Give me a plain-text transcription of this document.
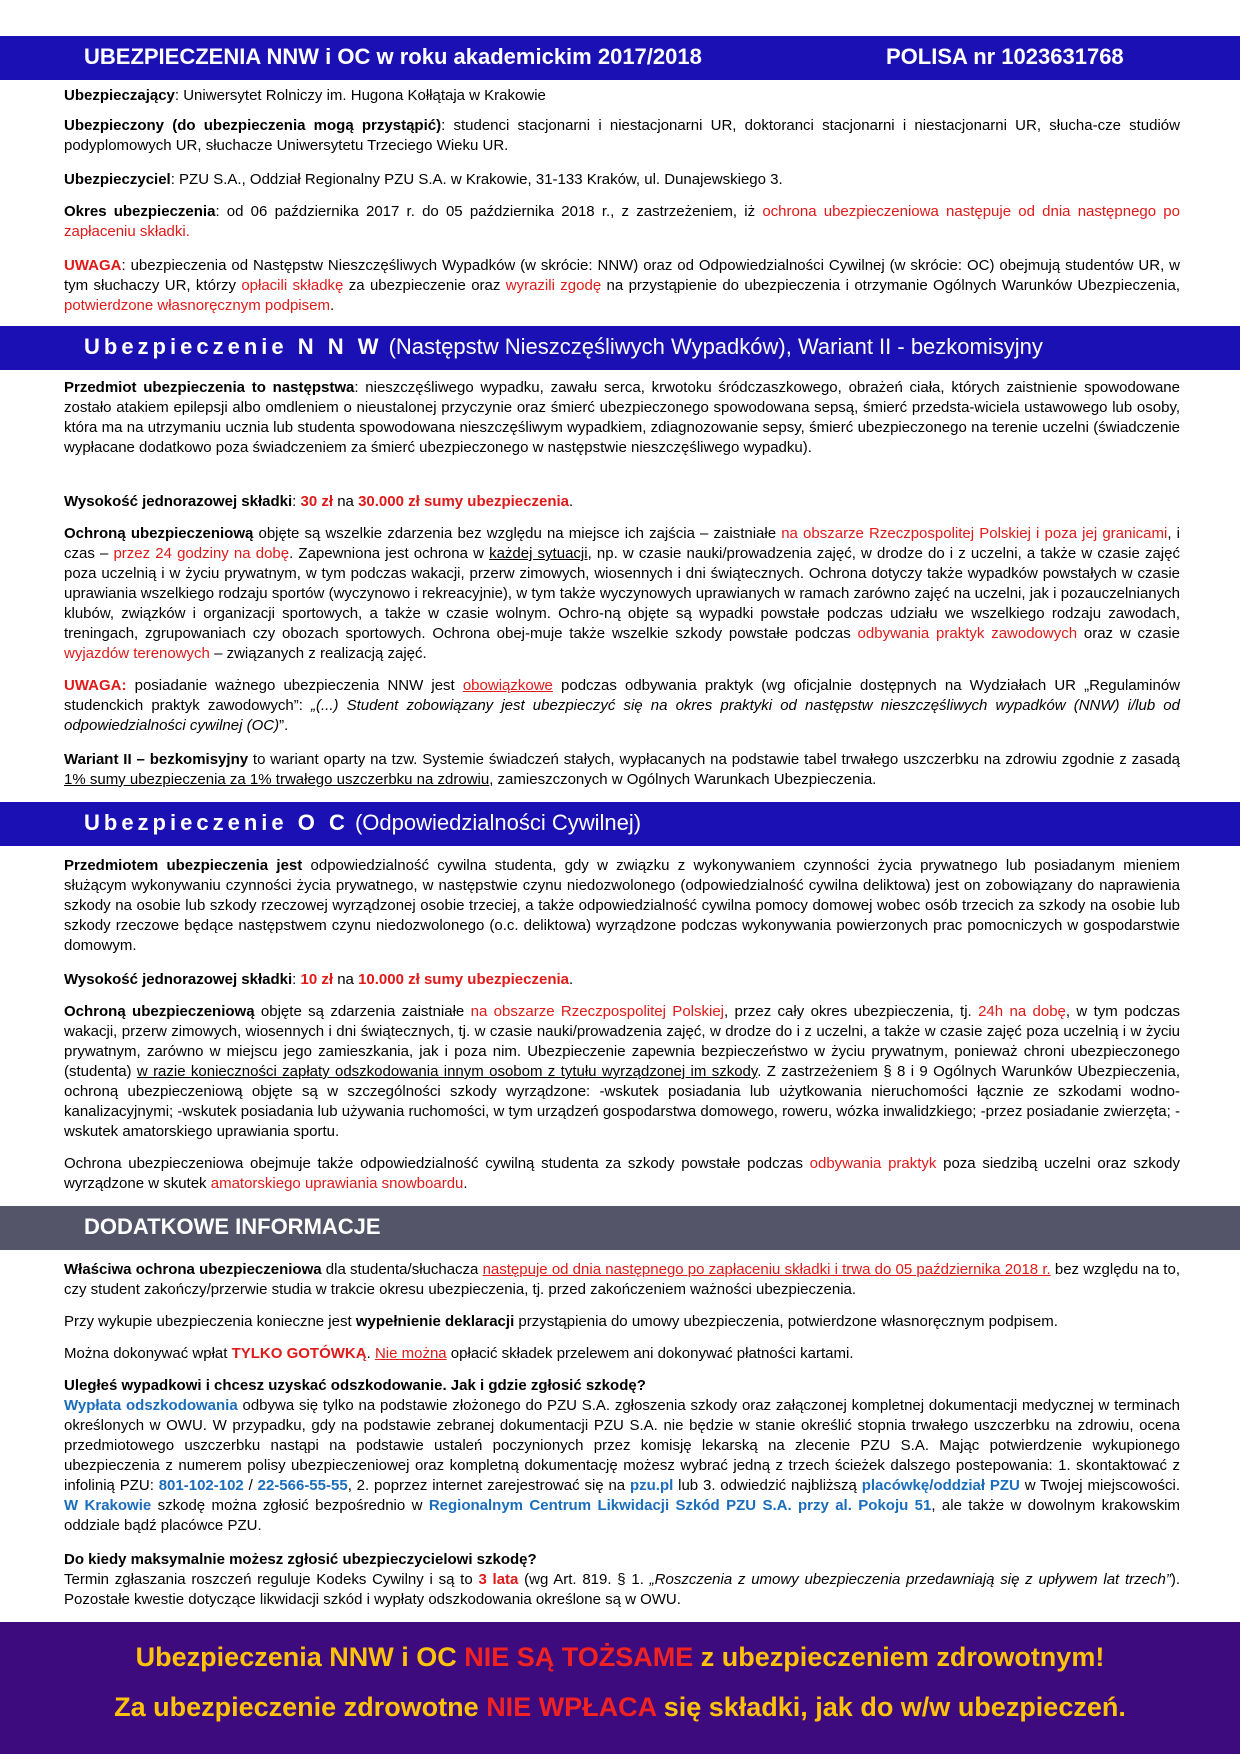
UBEZPIECZENIA NNW i OC w roku akademickim 2017/2018	POLISA nr 1023631768

Ubezpieczający: Uniwersytet Rolniczy im. Hugona Kołłątaja w Krakowie

Ubezpieczony (do ubezpieczenia mogą przystąpić): studenci stacjonarni i niestacjonarni UR, doktoranci stacjonarni i niestacjonarni UR, słucha-cze studiów podyplomowych UR, słuchacze Uniwersytetu Trzeciego Wieku UR.

Ubezpieczyciel: PZU S.A., Oddział Regionalny PZU S.A. w Krakowie, 31-133 Kraków, ul. Dunajewskiego 3.

Okres ubezpieczenia: od 06 października 2017 r. do 05 października 2018 r., z zastrzeżeniem, iż ochrona ubezpieczeniowa następuje od dnia następnego po zapłaceniu składki.

UWAGA: ubezpieczenia od Następstw Nieszczęśliwych Wypadków (w skrócie: NNW) oraz od Odpowiedzialności Cywilnej (w skrócie: OC) obejmują studentów UR, w tym słuchaczy UR, którzy opłacili składkę za ubezpieczenie oraz wyrazili zgodę na przystąpienie do ubezpieczenia i otrzymanie Ogólnych Warunków Ubezpieczenia, potwierdzone własnoręcznym podpisem.

Ubezpieczenie N N W (Następstw Nieszczęśliwych Wypadków), Wariant II - bezkomisyjny

Przedmiot ubezpieczenia to następstwa: nieszczęśliwego wypadku, zawału serca, krwotoku śródczaszkowego, obrażeń ciała, których zaistnienie spowodowane zostało atakiem epilepsji albo omdleniem o nieustalonej przyczynie oraz śmierć ubezpieczonego spowodowana sepsą, śmierć przedsta-wiciela ustawowego lub osoby, która ma na utrzymaniu ucznia lub studenta spowodowana nieszczęśliwym wypadkiem, zdiagnozowanie sepsy, śmierć ubezpieczonego na terenie uczelni (świadczenie wypłacane dodatkowo poza świadczeniem za śmierć ubezpieczonego w następstwie nieszczęśliwego wypadku).

Wysokość jednorazowej składki: 30 zł na 30.000 zł sumy ubezpieczenia.

Ochroną ubezpieczeniową objęte są wszelkie zdarzenia bez względu na miejsce ich zajścia – zaistniałe na obszarze Rzeczpospolitej Polskiej i poza jej granicami, i czas – przez 24 godziny na dobę. Zapewniona jest ochrona w każdej sytuacji, np. w czasie nauki/prowadzenia zajęć, w drodze do i z uczelni, a także w czasie zajęć poza uczelnią i w życiu prywatnym, w tym podczas wakacji, przerw zimowych, wiosennych i dni świątecznych. Ochrona dotyczy także wypadków powstałych w czasie uprawiania wszelkiego rodzaju sportów (wyczynowo i rekreacyjnie), w tym także wyczynowych uprawianych w ramach zarówno zajęć na uczelni, jak i pozauczelnianych klubów, związków i organizacji sportowych, a także w czasie wolnym. Ochro-ną objęte są wypadki powstałe podczas udziału we wszelkiego rodzaju zawodach, treningach, zgrupowaniach czy obozach sportowych. Ochrona obej-muje także wszelkie szkody powstałe podczas odbywania praktyk zawodowych oraz w czasie wyjazdów terenowych – związanych z realizacją zajęć.

UWAGA: posiadanie ważnego ubezpieczenia NNW jest obowiązkowe podczas odbywania praktyk (wg oficjalnie dostępnych na Wydziałach UR „Regulaminów studenckich praktyk zawodowych”: „(...) Student zobowiązany jest ubezpieczyć się na okres praktyki od następstw nieszczęśliwych wypadków (NNW) i/lub od odpowiedzialności cywilnej (OC)”.

Wariant II – bezkomisyjny to wariant oparty na tzw. Systemie świadczeń stałych, wypłacanych na podstawie tabel trwałego uszczerbku na zdrowiu zgodnie z zasadą 1% sumy ubezpieczenia za 1% trwałego uszczerbku na zdrowiu, zamieszczonych w Ogólnych Warunkach Ubezpieczenia.

Ubezpieczenie O C (Odpowiedzialności Cywilnej)

Przedmiotem ubezpieczenia jest odpowiedzialność cywilna studenta, gdy w związku z wykonywaniem czynności życia prywatnego lub posiadanym mieniem służącym wykonywaniu czynności życia prywatnego, w następstwie czynu niedozwolonego (odpowiedzialność cywilna deliktowa) jest on zobowiązany do naprawienia szkody na osobie lub szkody rzeczowej wyrządzonej osobie trzeciej, a także odpowiedzialność cywilna pomocy domowej wobec osób trzecich za szkody na osobie lub szkody rzeczowe będące następstwem czynu niedozwolonego (o.c. deliktowa) wyrządzone podczas wykonywania powierzonych prac pomocniczych w gospodarstwie domowym.

Wysokość jednorazowej składki: 10 zł na 10.000 zł sumy ubezpieczenia.

Ochroną ubezpieczeniową objęte są zdarzenia zaistniałe na obszarze Rzeczpospolitej Polskiej, przez cały okres ubezpieczenia, tj. 24h na dobę, w tym podczas wakacji, przerw zimowych, wiosennych i dni świątecznych, tj. w czasie nauki/prowadzenia zajęć, w drodze do i z uczelni, a także w czasie zajęć poza uczelnią i w życiu prywatnym, zarówno w miejscu jego zamieszkania, jak i poza nim. Ubezpieczenie zapewnia bezpieczeństwo w życiu prywatnym, ponieważ chroni ubezpieczonego (studenta) w razie konieczności zapłaty odszkodowania innym osobom z tytułu wyrządzonej im szkody. Z zastrzeżeniem § 8 i 9 Ogólnych Warunków Ubezpieczenia, ochroną ubezpieczeniową objęte są w szczególności szkody wyrządzone: -wskutek posiadania lub użytkowania nieruchomości łącznie ze szkodami wodno-kanalizacyjnymi; -wskutek posiadania lub używania ruchomości, w tym urządzeń gospodarstwa domowego, roweru, wózka inwalidzkiego; -przez posiadanie zwierzęta; -wskutek amatorskiego uprawiania sportu.

Ochrona ubezpieczeniowa obejmuje także odpowiedzialność cywilną studenta za szkody powstałe podczas odbywania praktyk poza siedzibą uczelni oraz szkody wyrządzone w skutek amatorskiego uprawiania snowboardu.

DODATKOWE INFORMACJE

Właściwa ochrona ubezpieczeniowa dla studenta/słuchacza następuje od dnia następnego po zapłaceniu składki i trwa do 05 października 2018 r. bez względu na to, czy student zakończy/przerwie studia w trakcie okresu ubezpieczenia, tj. przed zakończeniem ważności ubezpieczenia.

Przy wykupie ubezpieczenia konieczne jest wypełnienie deklaracji przystąpienia do umowy ubezpieczenia, potwierdzone własnoręcznym podpisem.

Można dokonywać wpłat TYLKO GOTÓWKĄ. Nie można opłacić składek przelewem ani dokonywać płatności kartami.

Uległeś wypadkowi i chcesz uzyskać odszkodowanie. Jak i gdzie zgłosić szkodę?

Wypłata odszkodowania odbywa się tylko na podstawie złożonego do PZU S.A. zgłoszenia szkody oraz załączonej kompletnej dokumentacji medycznej w terminach określonych w OWU. W przypadku, gdy na podstawie zebranej dokumentacji PZU S.A. nie będzie w stanie określić stopnia trwałego uszczerbku na zdrowiu, ocena przedmiotowego uszczerbku nastąpi na podstawie ustaleń poczynionych przez komisję lekarską na zlecenie PZU S.A. Mając potwierdzenie wykupionego ubezpieczenia z numerem polisy ubezpieczeniowej oraz kompletną dokumentację możesz wybrać jedną z trzech ścieżek dalszego postepowania: 1. skontaktować z infolinią PZU: 801-102-102 / 22-566-55-55, 2. poprzez internet zarejestrować się na pzu.pl lub 3. odwiedzić najbliższą placówkę/oddział PZU w Twojej miejscowości. W Krakowie szkodę można zgłosić bezpośrednio w Regionalnym Centrum Likwidacji Szkód PZU S.A. przy al. Pokoju 51, ale także w dowolnym krakowskim oddziale bądź placówce PZU.

Do kiedy maksymalnie możesz zgłosić ubezpieczycielowi szkodę?

Termin zgłaszania roszczeń reguluje Kodeks Cywilny i są to 3 lata (wg Art. 819. § 1. „Roszczenia z umowy ubezpieczenia przedawniają się z upływem lat trzech”). Pozostałe kwestie dotyczące likwidacji szkód i wypłaty odszkodowania określone są w OWU.

Ubezpieczenia NNW i OC NIE SĄ TOŻSAME z ubezpieczeniem zdrowotnym!
Za ubezpieczenie zdrowotne NIE WPŁACA się składki, jak do w/w ubezpieczeń.
